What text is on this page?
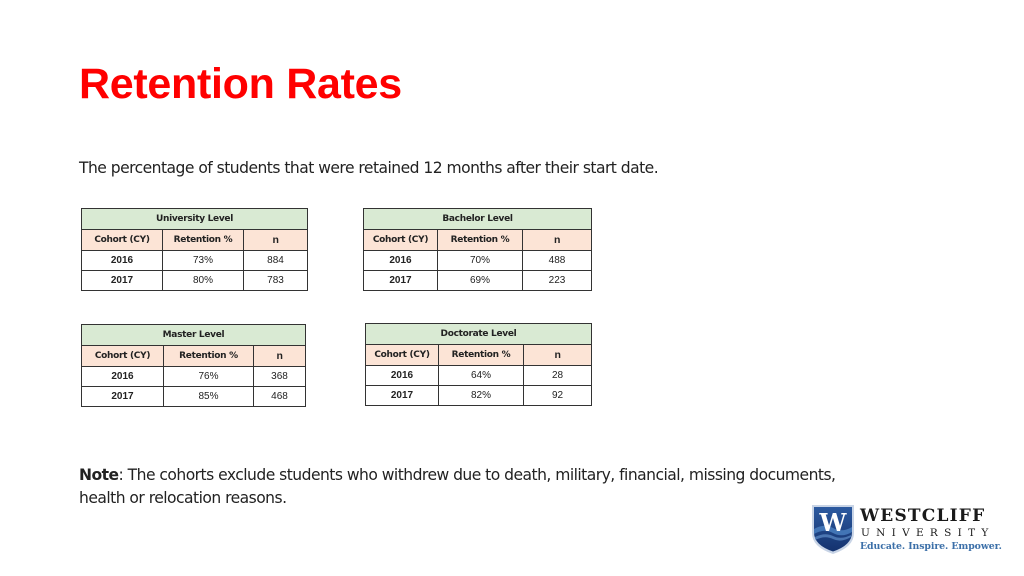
Retention Rates
The percentage of students that were retained 12 months after their start date.
University Level		
Cohort (CY)	Retention %	n
2016	73%	884
2017	80%	783
Bachelor Level		
Cohort (CY)	Retention %	n
2016	70%	488
2017	69%	223
Master Level		
Cohort (CY)	Retention %	n
2016	76%	368
2017	85%	468
Doctorate Level		
Cohort (CY)	Retention %	n
2016	64%	28
2017	82%	92
Note: The cohorts exclude students who withdrew due to death, military, financial, missing documents, health or relocation reasons.
W WESTCLIFF
UNIVERSITY
Educate. Inspire. Empower.
